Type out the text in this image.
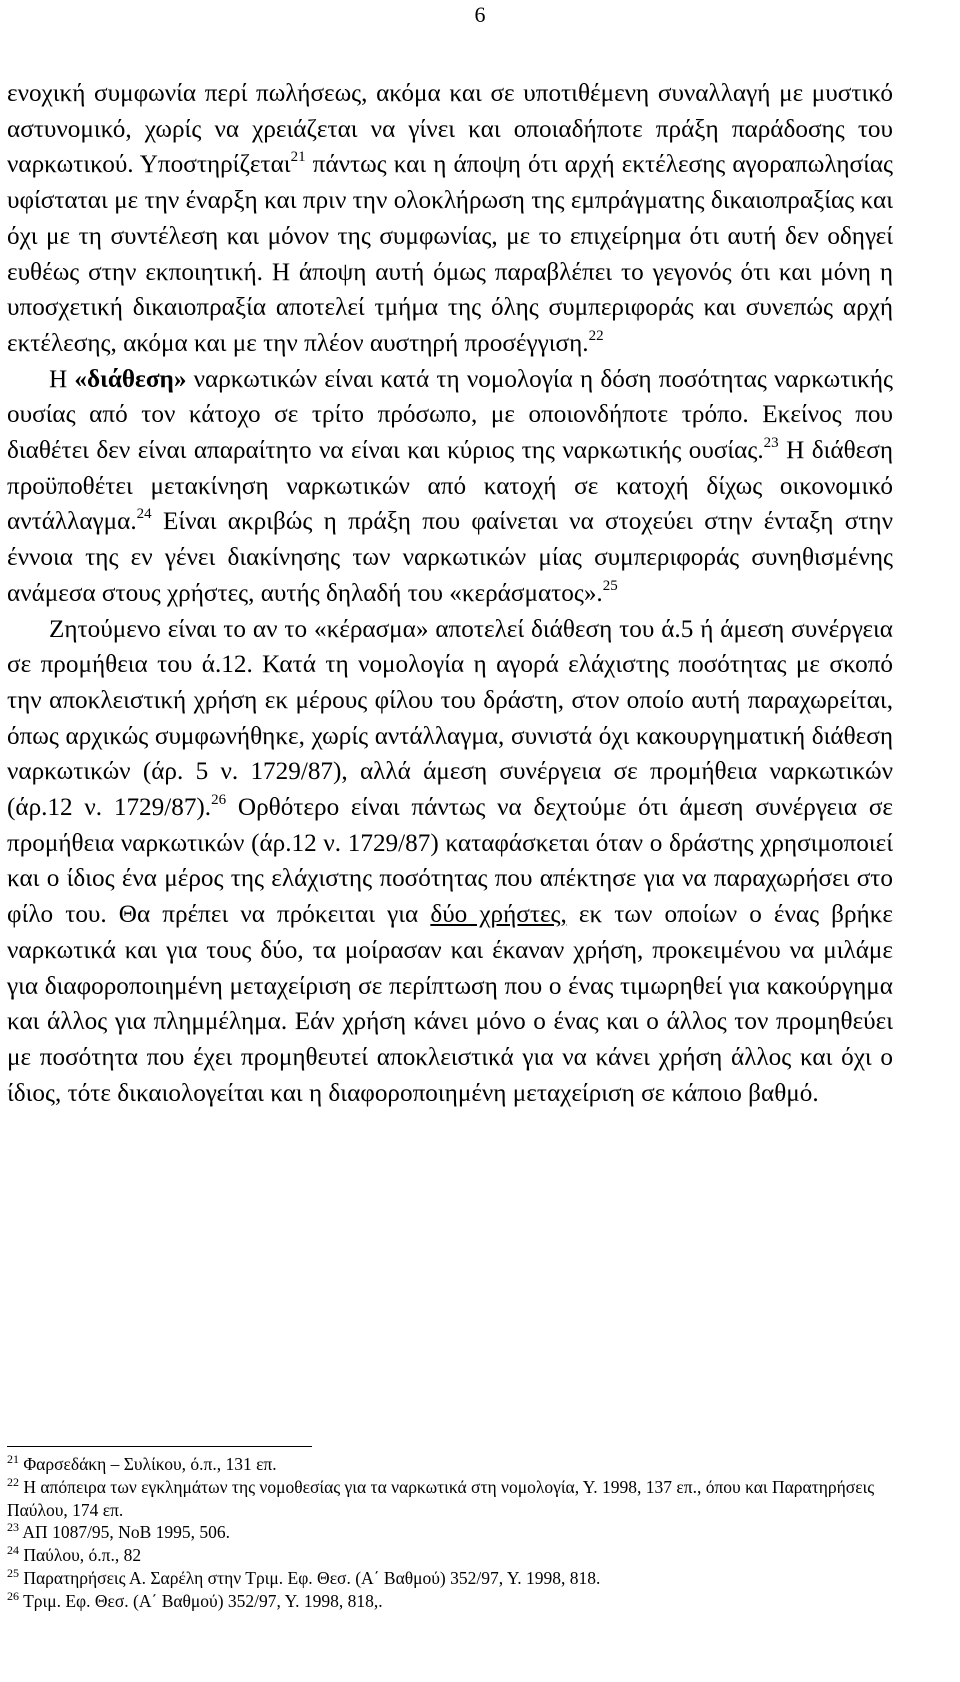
6

ενοχική συμφωνία περί πωλήσεως, ακόμα και σε υποτιθέμενη συναλλαγή με μυστικό αστυνομικό, χωρίς να χρειάζεται να γίνει και οποιαδήποτε πράξη παράδοσης του ναρκωτικού. Υποστηρίζεται$^{21}$ πάντως και η άποψη ότι αρχή εκτέλεσης αγοραπωλησίας υφίσταται με την έναρξη και πριν την ολοκλήρωση της εμπράγματης δικαιοπραξίας και όχι με τη συντέλεση και μόνον της συμφωνίας, με το επιχείρημα ότι αυτή δεν οδηγεί ευθέως στην εκποιητική. Η άποψη αυτή όμως παραβλέπει το γεγονός ότι και μόνη η υποσχετική δικαιοπραξία αποτελεί τμήμα της όλης συμπεριφοράς και συνεπώς αρχή εκτέλεσης, ακόμα και με την πλέον αυστηρή προσέγγιση.$^{22}$

Η «διάθεση» ναρκωτικών είναι κατά τη νομολογία η δόση ποσότητας ναρκωτικής ουσίας από τον κάτοχο σε τρίτο πρόσωπο, με οποιονδήποτε τρόπο. Εκείνος που διαθέτει δεν είναι απαραίτητο να είναι και κύριος της ναρκωτικής ουσίας.$^{23}$ Η διάθεση προϋποθέτει μετακίνηση ναρκωτικών από κατοχή σε κατοχή δίχως οικονομικό αντάλλαγμα.$^{24}$ Είναι ακριβώς η πράξη που φαίνεται να στοχεύει στην ένταξη στην έννοια της εν γένει διακίνησης των ναρκωτικών μίας συμπεριφοράς συνηθισμένης ανάμεσα στους χρήστες, αυτής δηλαδή του «κεράσματος».$^{25}$

Ζητούμενο είναι το αν το «κέρασμα» αποτελεί διάθεση του ά.5 ή άμεση συνέργεια σε προμήθεια του ά.12. Κατά τη νομολογία η αγορά ελάχιστης ποσότητας με σκοπό την αποκλειστική χρήση εκ μέρους φίλου του δράστη, στον οποίο αυτή παραχωρείται, όπως αρχικώς συμφωνήθηκε, χωρίς αντάλλαγμα, συνιστά όχι κακουργηματική διάθεση ναρκωτικών (άρ. 5 ν. 1729/87), αλλά άμεση συνέργεια σε προμήθεια ναρκωτικών (άρ.12 ν. 1729/87).$^{26}$ Ορθότερο είναι πάντως να δεχτούμε ότι άμεση συνέργεια σε προμήθεια ναρκωτικών (άρ.12 ν. 1729/87) καταφάσκεται όταν ο δράστης χρησιμοποιεί και ο ίδιος ένα μέρος της ελάχιστης ποσότητας που απέκτησε για να παραχωρήσει στο φίλο του. Θα πρέπει να πρόκειται για δύο χρήστες, εκ των οποίων ο ένας βρήκε ναρκωτικά και για τους δύο, τα μοίρασαν και έκαναν χρήση, προκειμένου να μιλάμε για διαφοροποιημένη μεταχείριση σε περίπτωση που ο ένας τιμωρηθεί για κακούργημα και άλλος για πλημμέλημα. Εάν χρήση κάνει μόνο ο ένας και ο άλλος τον προμηθεύει με ποσότητα που έχει προμηθευτεί αποκλειστικά για να κάνει χρήση άλλος και όχι ο ίδιος, τότε δικαιολογείται και η διαφοροποιημένη μεταχείριση σε κάποιο βαθμό.

$^{21}$ Φαρσεδάκη – Συλίκου, ό.π., 131 επ.

$^{22}$ Η απόπειρα των εγκλημάτων της νομοθεσίας για τα ναρκωτικά στη νομολογία, Υ. 1998, 137 επ., όπου και Παρατηρήσεις Παύλου, 174 επ.

$^{23}$ ΑΠ 1087/95, ΝοΒ 1995, 506.

$^{24}$ Παύλου, ό.π., 82

$^{25}$ Παρατηρήσεις Α. Σαρέλη στην Τριμ. Εφ. Θεσ. (Α΄ Βαθμού) 352/97, Υ. 1998, 818.

$^{26}$ Τριμ. Εφ. Θεσ. (Α΄ Βαθμού) 352/97, Υ. 1998, 818,.
